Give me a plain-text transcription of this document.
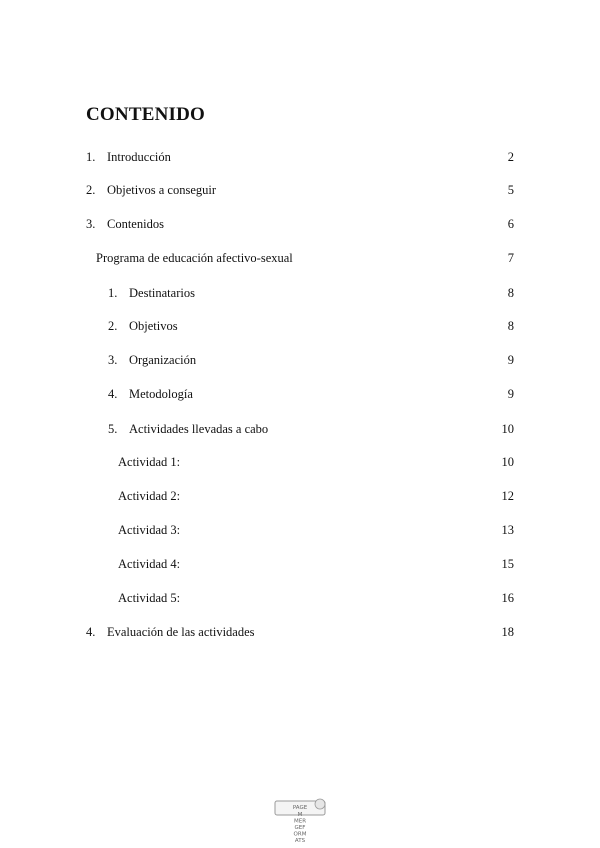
CONTENIDO
1. Introducción	2
2. Objetivos a conseguir	5
3. Contenidos	6
Programa de educación afectivo-sexual	7
1. Destinatarios	8
2. Objetivos	8
3. Organización	9
4. Metodología	9
5. Actividades llevadas a cabo	10
Actividad 1:	10
Actividad 2:	12
Actividad 3:	13
Actividad 4:	15
Actividad 5:	16
4. Evaluación de las actividades	18
PAGE
M
MER
GEF
ORM
ATS
